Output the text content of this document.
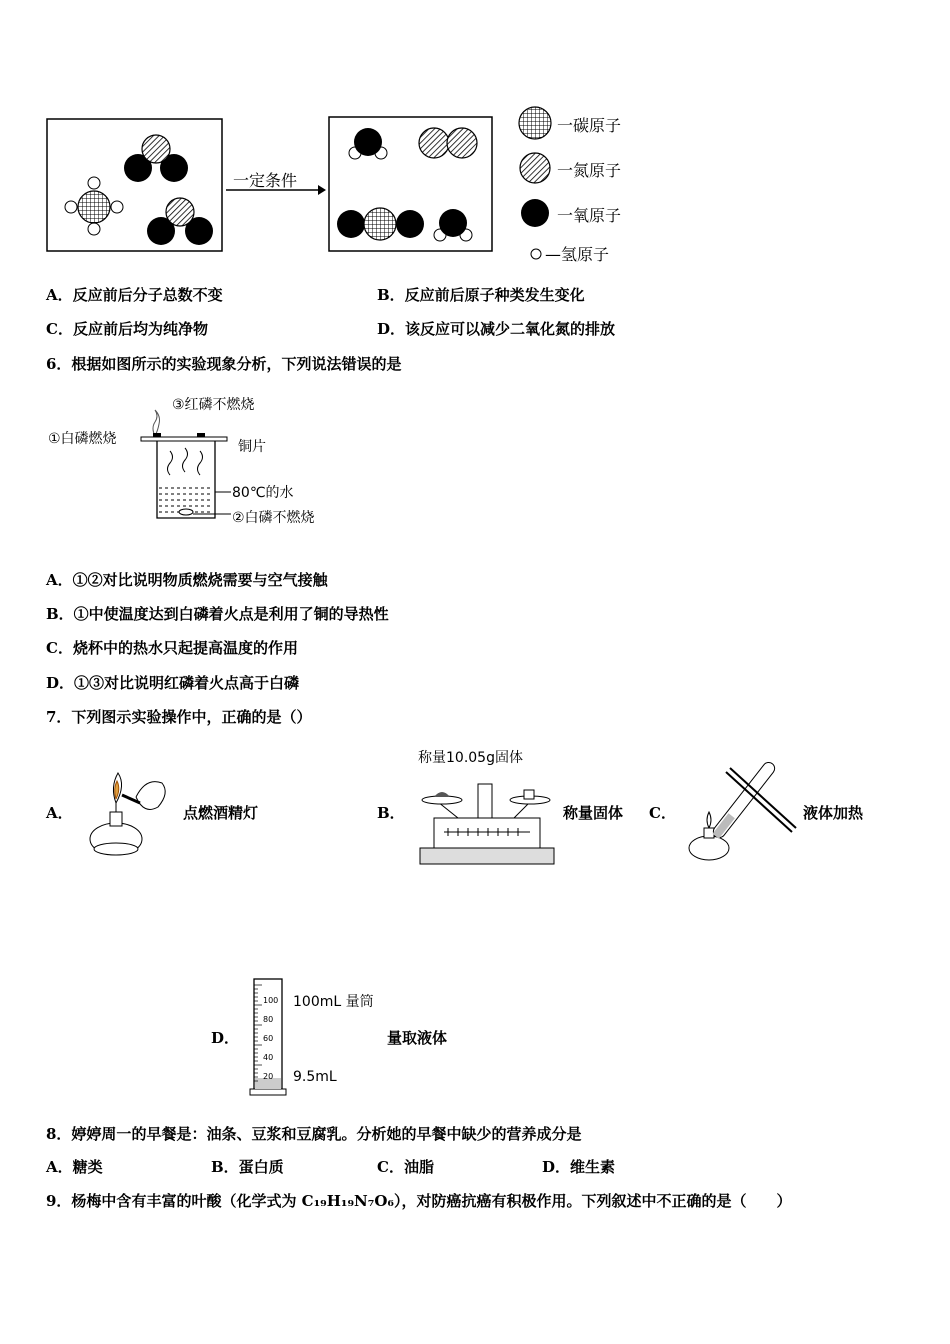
一定条件
一碳原子
一氮原子
一氧原子
—氢原子
A．反应前后分子总数不变	B．反应前后原子种类发生变化
C．反应前后均为纯净物	D．该反应可以减少二氧化氮的排放
6．根据如图所示的实验现象分析，下列说法错误的是
③红磷不燃烧
①白磷燃烧	铜片
80℃的水
②白磷不燃烧
A．①②对比说明物质燃烧需要与空气接触
B．①中使温度达到白磷着火点是利用了铜的导热性
C．烧杯中的热水只起提高温度的作用
D．①③对比说明红磷着火点高于白磷
7．下列图示实验操作中，正确的是（）
A．	点燃酒精灯	B．
称量10.05g固体
称量固体 C．	液体加热
D．
100
80
60
40
20
100mL 量筒
9.5mL
量取液体
8．婷婷周一的早餐是：油条、豆浆和豆腐乳。分析她的早餐中缺少的营养成分是
A．糖类	B．蛋白质	C．油脂	D．维生素
9．杨梅中含有丰富的叶酸（化学式为 C₁₉H₁₉N₇O₆），对防癌抗癌有积极作用。下列叙述中不正确的是（　　）
